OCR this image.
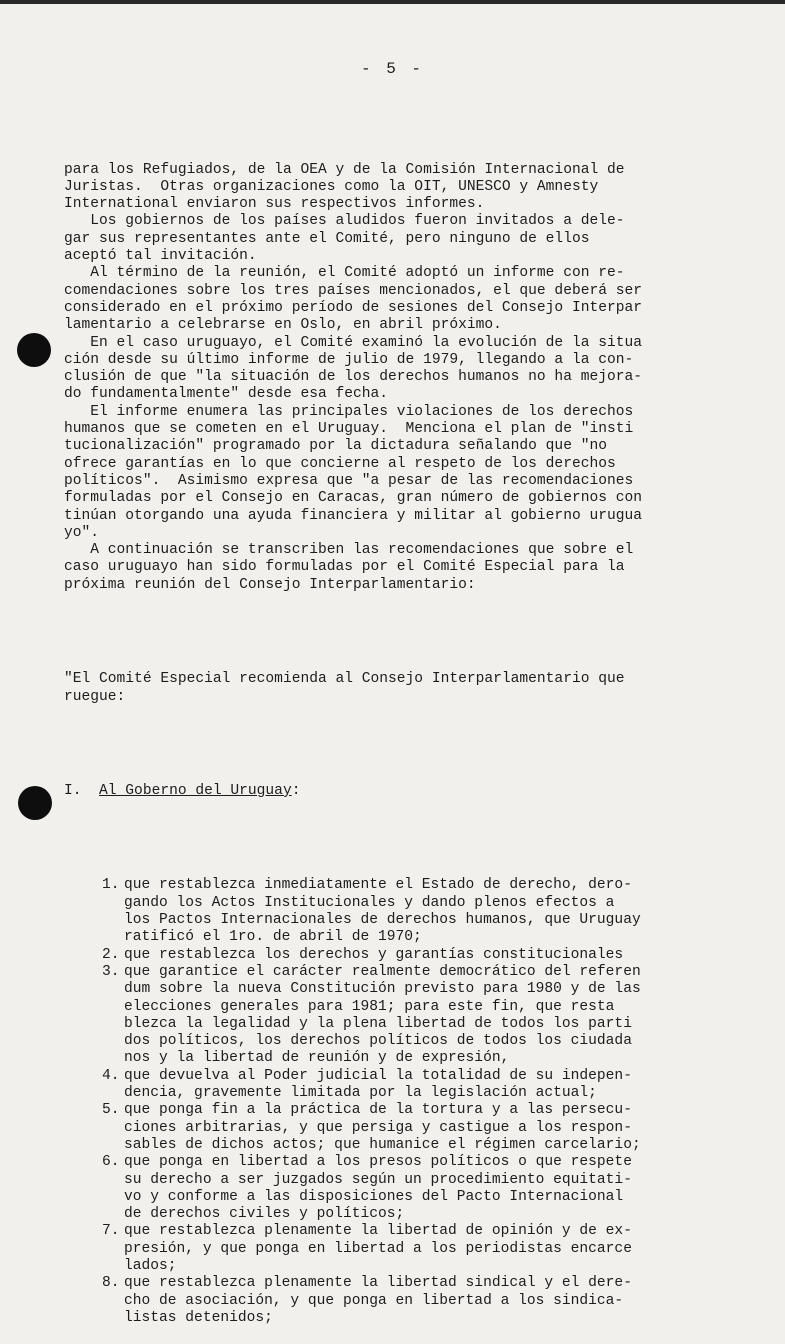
- 5 -

para los Refugiados, de la OEA y de la Comisión Internacional de
Juristas.  Otras organizaciones como la OIT, UNESCO y Amnesty
International enviaron sus respectivos informes.
Los gobiernos de los países aludidos fueron invitados a dele-
gar sus representantes ante el Comité, pero ninguno de ellos
aceptó tal invitación.
Al término de la reunión, el Comité adoptó un informe con re-
comendaciones sobre los tres países mencionados, el que deberá ser
considerado en el próximo período de sesiones del Consejo Interpar
lamentario a celebrarse en Oslo, en abril próximo.
En el caso uruguayo, el Comité examinó la evolución de la situa
ción desde su último informe de julio de 1979, llegando a la con-
clusión de que "la situación de los derechos humanos no ha mejora-
do fundamentalmente" desde esa fecha.
El informe enumera las principales violaciones de los derechos
humanos que se cometen en el Uruguay.  Menciona el plan de "insti
tucionalización" programado por la dictadura señalando que "no
ofrece garantías en lo que concierne al respeto de los derechos
políticos".  Asimismo expresa que "a pesar de las recomendaciones
formuladas por el Consejo en Caracas, gran número de gobiernos con
tinúan otorgando una ayuda financiera y militar al gobierno urugua
yo".
A continuación se transcriben las recomendaciones que sobre el
caso uruguayo han sido formuladas por el Comité Especial para la
próxima reunión del Consejo Interparlamentario:

"El Comité Especial recomienda al Consejo Interparlamentario que
ruegue:

I. Al Goberno del Uruguay:

1. que restablezca inmediatamente el Estado de derecho, dero-
gando los Actos Institucionales y dando plenos efectos a
los Pactos Internacionales de derechos humanos, que Uruguay
ratificó el 1ro. de abril de 1970;
2. que restablezca los derechos y garantías constitucionales
3. que garantice el carácter realmente democrático del referen
dum sobre la nueva Constitución previsto para 1980 y de las
elecciones generales para 1981; para este fin, que resta
blezca la legalidad y la plena libertad de todos los parti
dos políticos, los derechos políticos de todos los ciudada
nos y la libertad de reunión y de expresión,
4. que devuelva al Poder judicial la totalidad de su indepen-
dencia, gravemente limitada por la legislación actual;
5. que ponga fin a la práctica de la tortura y a las persecu-
ciones arbitrarias, y que persiga y castigue a los respon-
sables de dichos actos; que humanice el régimen carcelario;
6. que ponga en libertad a los presos políticos o que respete
su derecho a ser juzgados según un procedimiento equitati-
vo y conforme a las disposiciones del Pacto Internacional
de derechos civiles y políticos;
7. que restablezca plenamente la libertad de opinión y de ex-
presión, y que ponga en libertad a los periodistas encarce
lados;
8. que restablezca plenamente la libertad sindical y el dere-
cho de asociación, y que ponga en libertad a los sindica-
listas detenidos;
